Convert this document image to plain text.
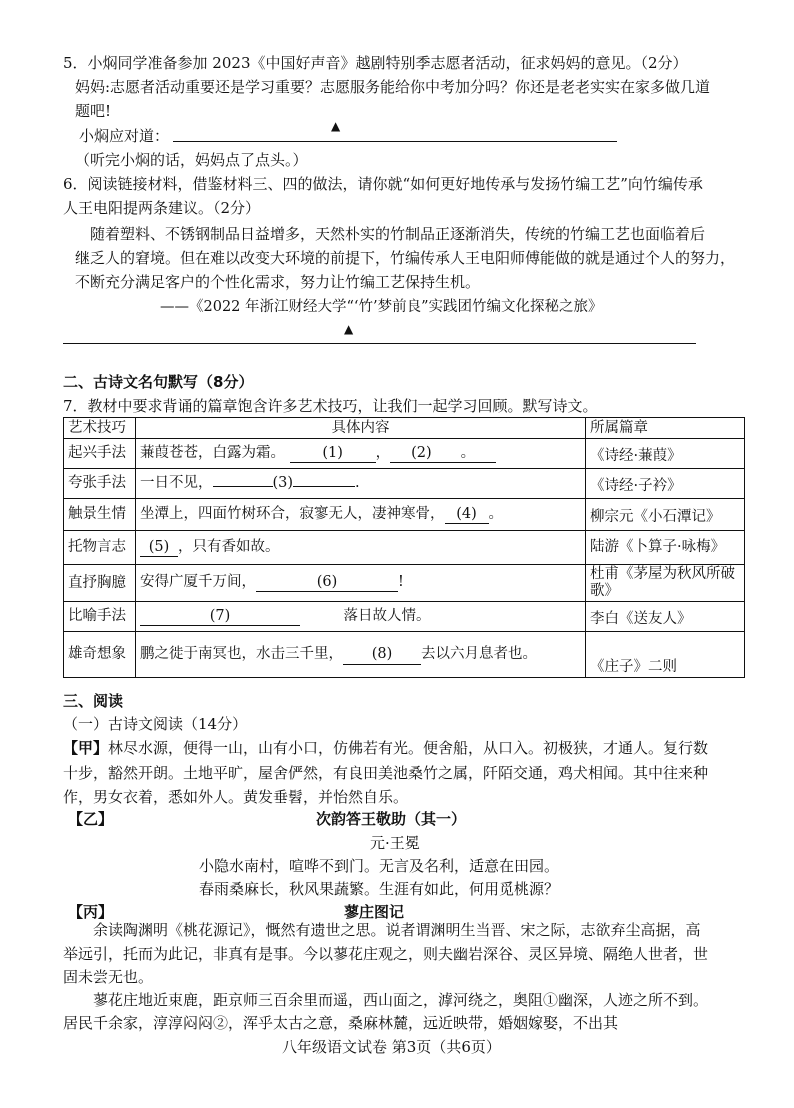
5．小焖同学准备参加 2023《中国好声音》越剧特别季志愿者活动，征求妈妈的意见。（2分）
妈妈:志愿者活动重要还是学习重要？志愿服务能给你中考加分吗？你还是老老实实在家多做几道
题吧!
小焖应对道：
▲
（听完小焖的话，妈妈点了点头。）
6．阅读链接材料，借鉴材料三、四的做法，请你就“如何更好地传承与发扬竹编工艺”向竹编传承
人王电阳提两条建议。（2分）
随着塑料、不锈钢制品日益增多，天然朴实的竹制品正逐渐消失，传统的竹编工艺也面临着后
继乏人的窘境。但在难以改变大环境的前提下，竹编传承人王电阳师傅能做的就是通过个人的努力，
不断充分满足客户的个性化需求，努力让竹编工艺保持生机。
——《2022 年浙江财经大学“‘竹’梦前良”实践团竹编文化探秘之旅》
▲
二、古诗文名句默写（8分）
7．教材中要求背诵的篇章饱含许多艺术技巧，让我们一起学习回顾。默写诗文。
艺术技巧	具体内容	所属篇章
起兴手法	蒹葭苍苍，白露为霜。 (1) ， (2)　　 。	《诗经·蒹葭》

夸张手法	一日不见， (3) .	《诗经·子衿》

触景生情	坐潭上，四面竹树环合，寂寥无人，凄神寒骨， (4) 。	柳宗元《小石潭记》

托物言志	(5) ，只有香如故。	陆游《卜算子·咏梅》
直抒胸臆	安得广厦千万间， (6) !	杜甫《茅屋为秋风所破歌》
比喻手法	(7)　　　 落日故人情。	李白《送友人》

雄奇想象	鹏之徙于南冥也，水击三千里， (8) 去以六月息者也。	《庄子》二则
三、阅读
（一）古诗文阅读（14分）
【甲】林尽水源，便得一山，山有小口，仿佛若有光。便舍船，从口入。初极狭，才通人。复行数
十步，豁然开朗。土地平旷，屋舍俨然，有良田美池桑竹之属，阡陌交通，鸡犬相闻。其中往来种
作，男女衣着，悉如外人。黄发垂髫，并怡然自乐。
【乙】	次韵答王敬助（其一）
元·王冕
小隐水南村，喧哗不到门。无言及名利，适意在田园。
春雨桑麻长，秋风果蔬繁。生涯有如此，何用觅桃源？
【丙】	蓼庄图记
余读陶渊明《桃花源记》，慨然有遗世之思。说者谓渊明生当晋、宋之际，志欲弃尘高据，高
举远引，托而为此记，非真有是事。今以蓼花庄观之，则夫幽岩深谷、灵区异境、隔绝人世者，世
固未尝无也。
蓼花庄地近束鹿，距京师三百余里而遥，西山面之，滹河绕之，奥阻①幽深，人迹之所不到。
居民千余家，淳淳闷闷②，浑乎太古之意，桑麻林麓，远近映带，婚姻嫁娶，不出其
八年级语文试卷 第3页（共6页）
